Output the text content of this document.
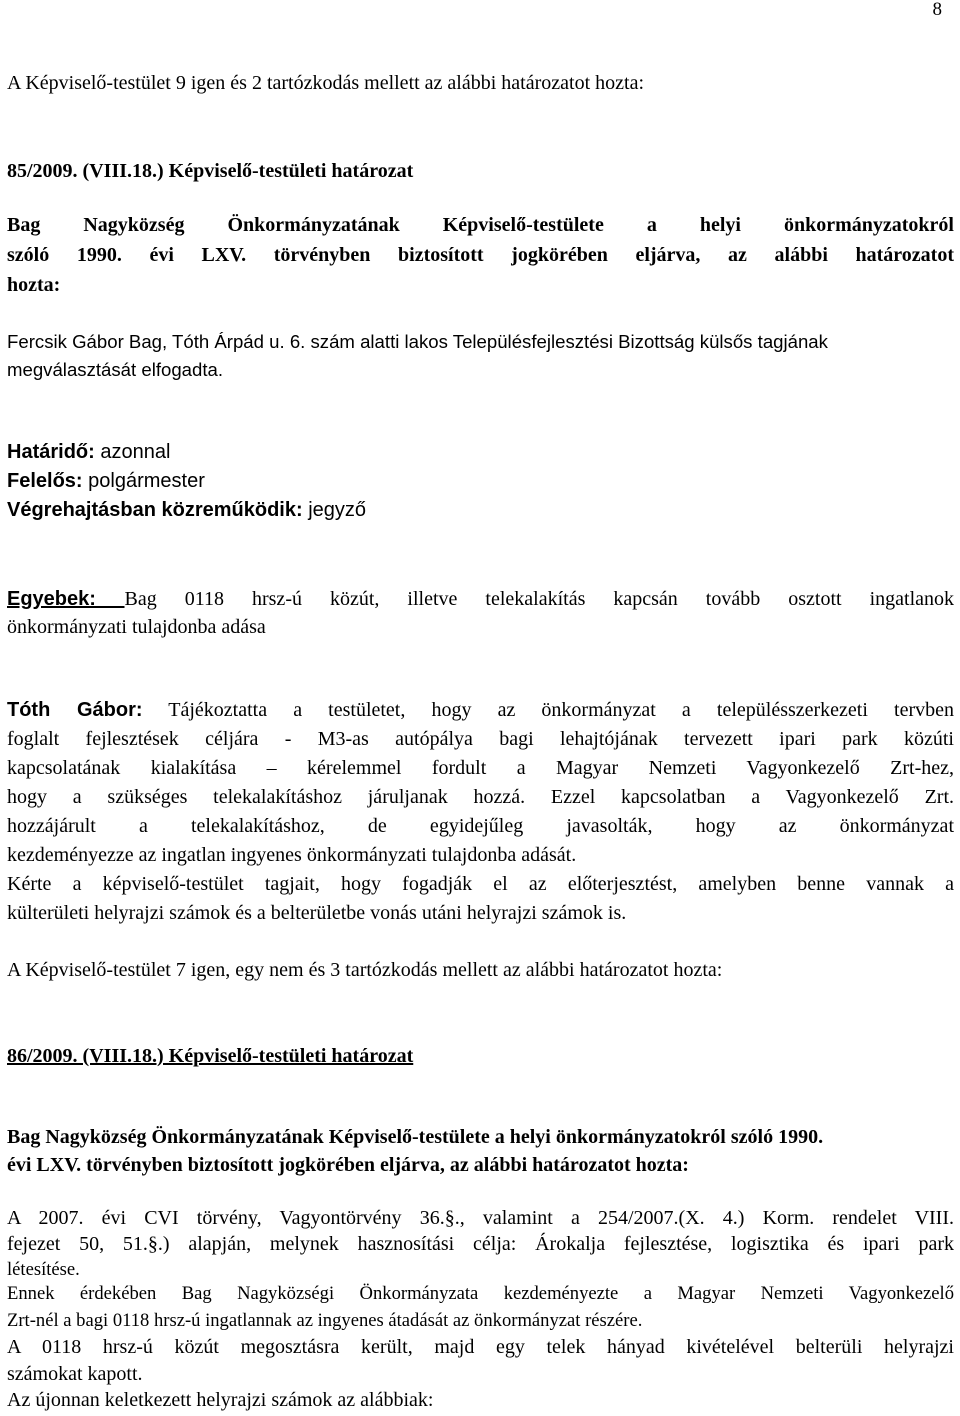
8
A Képviselő-testület 9 igen és 2 tartózkodás mellett az alábbi határozatot hozta:
85/2009. (VIII.18.) Képviselő-testületi határozat
Bag Nagyközség Önkormányzatának Képviselő-testülete a helyi önkormányzatokról
szóló 1990. évi LXV. törvényben biztosított jogkörében eljárva, az alábbi határozatot
hozta:
Fercsik Gábor Bag, Tóth Árpád u. 6. szám alatti lakos Településfejlesztési Bizottság külsős tagjának
megválasztását elfogadta.
Határidő: azonnal
Felelős: polgármester
Végrehajtásban közreműködik: jegyző
Egyebek: Bag 0118 hrsz-ú közút, illetve telekalakítás kapcsán tovább osztott ingatlanok
önkormányzati tulajdonba adása
Tóth Gábor: Tájékoztatta a testületet, hogy az önkormányzat a településszerkezeti tervben
foglalt fejlesztések céljára - M3-as autópálya bagi lehajtójának tervezett ipari park közúti
kapcsolatának kialakítása – kérelemmel fordult a Magyar Nemzeti Vagyonkezelő Zrt-hez,
hogy a szükséges telekalakításhoz járuljanak hozzá. Ezzel kapcsolatban a Vagyonkezelő Zrt.
hozzájárult a telekalakításhoz, de egyidejűleg javasolták, hogy az önkormányzat
kezdeményezze az ingatlan ingyenes önkormányzati tulajdonba adását.
Kérte a képviselő-testület tagjait, hogy fogadják el az előterjesztést, amelyben benne vannak a
külterületi helyrajzi számok és a belterületbe vonás utáni helyrajzi számok is.
A Képviselő-testület 7 igen, egy nem és 3 tartózkodás mellett az alábbi határozatot hozta:
86/2009. (VIII.18.) Képviselő-testületi határozat
Bag Nagyközség Önkormányzatának Képviselő-testülete a helyi önkormányzatokról szóló 1990.
évi LXV. törvényben biztosított jogkörében eljárva, az alábbi határozatot hozta:
A 2007. évi CVI törvény, Vagyontörvény 36.§., valamint a 254/2007.(X. 4.) Korm. rendelet VIII.
fejezet 50, 51.§.) alapján, melynek hasznosítási célja: Árokalja fejlesztése, logisztika és ipari park
létesítése.
Ennek érdekében Bag Nagyközségi Önkormányzata kezdeményezte a Magyar Nemzeti Vagyonkezelő
Zrt-nél a bagi 0118 hrsz-ú ingatlannak az ingyenes átadását az önkormányzat részére.
A 0118 hrsz-ú közút megosztásra került, majd egy telek hányad kivételével belterüli helyrajzi
számokat kapott.
Az újonnan keletkezett helyrajzi számok az alábbiak:
